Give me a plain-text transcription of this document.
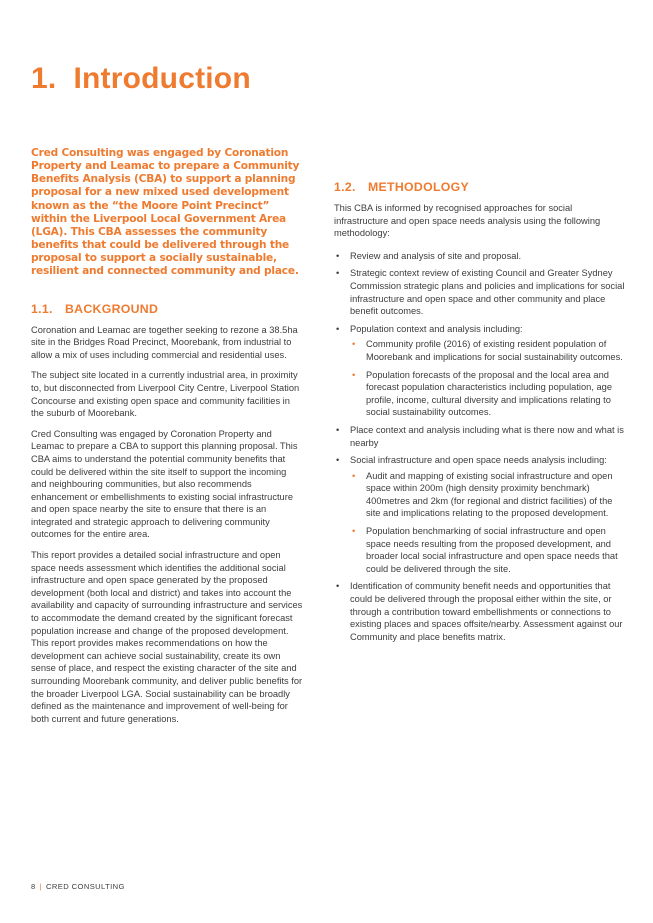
1. Introduction

Cred Consulting was engaged by Coronation Property and Leamac to prepare a Community Benefits Analysis (CBA) to support a planning proposal for a new mixed used development known as the “the Moore Point Precinct” within the Liverpool Local Government Area (LGA). This CBA assesses the community benefits that could be delivered through the proposal to support a socially sustainable, resilient and connected community and place.

1.1. BACKGROUND

Coronation and Leamac are together seeking to rezone a 38.5ha site in the Bridges Road Precinct, Moorebank, from industrial to allow a mix of uses including commercial and residential uses.

The subject site located in a currently industrial area, in proximity to, but disconnected from Liverpool City Centre, Liverpool Station Concourse and existing open space and community facilities in the suburb of Moorebank.

Cred Consulting was engaged by Coronation Property and Leamac to prepare a CBA to support this planning proposal. This CBA aims to understand the potential community benefits that could be delivered within the site itself to support the incoming and neighbouring communities, but also recommends enhancement or embellishments to existing social infrastructure and open space nearby the site to ensure that there is an integrated and strategic approach to delivering community outcomes for the entire area.

This report provides a detailed social infrastructure and open space needs assessment which identifies the additional social infrastructure and open space generated by the proposed development (both local and district) and takes into account the availability and capacity of surrounding infrastructure and services to accommodate the demand created by the significant forecast population increase and change of the proposed development. This report provides makes recommendations on how the development can achieve social sustainability, create its own sense of place, and respect the existing character of the site and surrounding Moorebank community, and deliver public benefits for the broader Liverpool LGA. Social sustainability can be broadly defined as the maintenance and improvement of well-being for both current and future generations.

1.2. METHODOLOGY

This CBA is informed by recognised approaches for social infrastructure and open space needs analysis using the following methodology:

• Review and analysis of site and proposal.
• Strategic context review of existing Council and Greater Sydney Commission strategic plans and policies and implications for social infrastructure and open space and other community and place benefit outcomes.
• Population context and analysis including:
• Community profile (2016) of existing resident population of Moorebank and implications for social sustainability outcomes.
• Population forecasts of the proposal and the local area and forecast population characteristics including population, age profile, income, cultural diversity and implications relating to social sustainability outcomes.
• Place context and analysis including what is there now and what is nearby
• Social infrastructure and open space needs analysis including:
• Audit and mapping of existing social infrastructure and open space within 200m (high density proximity benchmark) 400metres and 2km (for regional and district facilities) of the site and implications relating to the proposed development.
• Population benchmarking of social infrastructure and open space needs resulting from the proposed development, and broader local social infrastructure and open space needs that could be delivered through the site.
• Identification of community benefit needs and opportunities that could be delivered through the proposal either within the site, or through a contribution toward embellishments or connections to existing places and spaces offsite/nearby. Assessment against our Community and place benefits matrix.
8 | CRED CONSULTING
